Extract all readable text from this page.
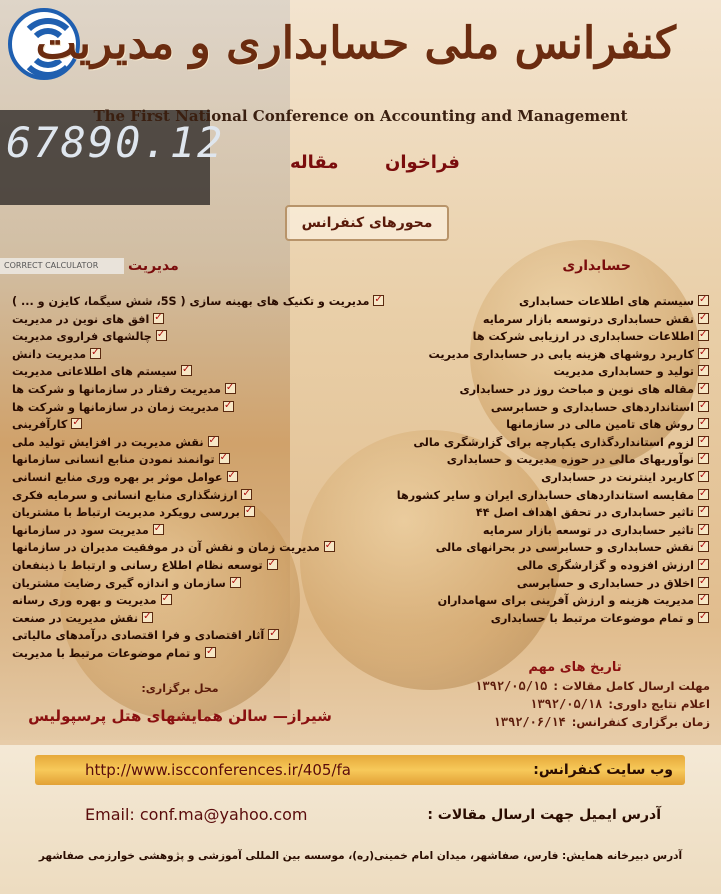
67890.12
CORRECT CALCULATOR
کنفرانس ملی حسابداری و مدیریت
The First National Conference on Accounting and Management
فراخوان
مقاله
محورهای کنفرانس
حسابداری
مدیریت
✓سیستم های اطلاعات حسابداری
✓نقش حسابداری درتوسعه بازار سرمایه
✓اطلاعات حسابداری در ارزیابی شرکت ها
✓کاربرد روشهای هزینه یابی در حسابداری مدیریت
✓تولید و حسابداری مدیریت
✓مقاله های نوین و مباحث روز در حسابداری
✓استانداردهای حسابداری و حسابرسی
✓روش های تامین مالی در سازمانها
✓لزوم استانداردگذاری یکپارچه برای گزارشگری مالی
✓نوآوریهای مالی در حوزه مدیریت و حسابداری
✓کاربرد اینترنت در حسابداری
✓مقایسه استانداردهای حسابداری ایران و سایر کشورها
✓تاثیر حسابداری در تحقق اهداف اصل ۴۴
✓تاثیر حسابداری در توسعه بازار سرمایه
✓نقش حسابداری و حسابرسی در بحرانهای مالی
✓ارزش افزوده و گزارشگری مالی
✓اخلاق در حسابداری و حسابرسی
✓مدیریت هزینه و ارزش آفرینی برای سهامداران
✓و تمام موضوعات مرتبط با حسابداری
✓مدیریت و تکنیک های بهینه سازی ( 5S، شش سیگما، کایزن و ... )
✓افق های نوین در مدیریت
✓چالشهای فراروی مدیریت
✓مدیریت دانش
✓سیستم های اطلاعاتی مدیریت
✓مدیریت رفتار در سازمانها و شرکت ها
✓مدیریت زمان در سازمانها و شرکت ها
✓کارآفرینی
✓نقش مدیریت در افزایش تولید ملی
✓توانمند نمودن منابع انسانی سازمانها
✓عوامل موثر بر بهره وری منابع انسانی
✓ارزشگذاری منابع انسانی و سرمایه فکری
✓بررسی رویکرد مدیریت ارتباط با مشتریان
✓مدیریت سود در سازمانها
✓مدیریت زمان و نقش آن در موفقیت مدیران در سازمانها
✓توسعه نظام اطلاع رسانی و ارتباط با ذینفعان
✓سازمان و اندازه گیری رضایت مشتریان
✓مدیریت و بهره وری رسانه
✓نقش مدیریت در صنعت
✓آثار اقتصادی و فرا اقتصادی درآمدهای مالیاتی
✓و تمام موضوعات مرتبط با مدیریت
تاریخ های مهم
مهلت ارسال کامل مقالات :۱۳۹۲/۰۵/۱۵
اعلام نتایج داوری:۱۳۹۲/۰۵/۱۸
زمان برگزاری کنفرانس:۱۳۹۲/۰۶/۱۴
محل برگزاری:
شیراز— سالن همایشهای هتل پرسپولیس
وب سایت کنفرانس:
http://www.iscconferences.ir/405/fa
آدرس ایمیل جهت ارسال مقالات :
Email: conf.ma@yahoo.com
آدرس دبیرخانه همایش: فارس، صفاشهر، میدان امام خمینی(ره)، موسسه بین المللی آموزشی و پژوهشی خوارزمی صفاشهر
